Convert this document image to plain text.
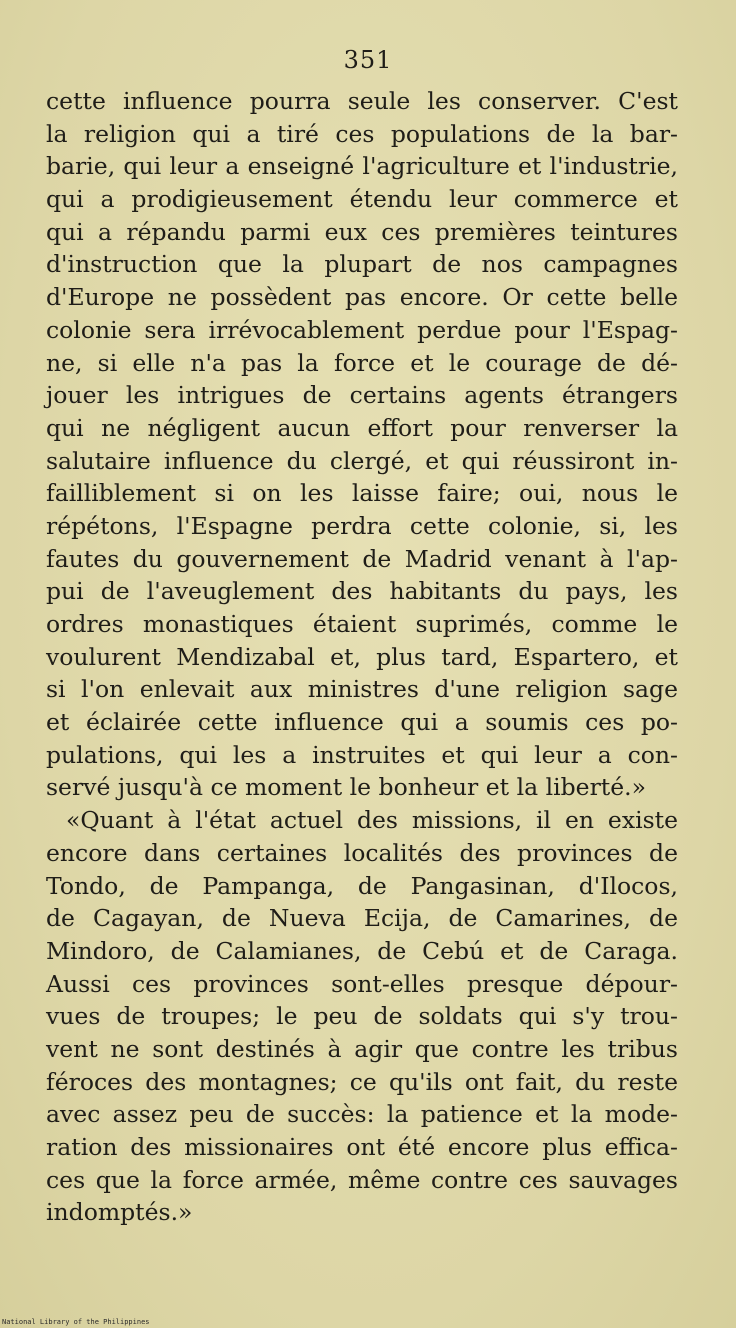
351
cette influence pourra seule les conserver. C'est
la religion qui a tiré ces populations de la bar-
barie, qui leur a enseigné l'agriculture et l'industrie,
qui a prodigieusement étendu leur commerce et
qui a répandu parmi eux ces premières teintures
d'instruction que la plupart de nos campagnes
d'Europe ne possèdent pas encore. Or cette belle
colonie sera irrévocablement perdue pour l'Espag-
ne, si elle n'a pas la force et le courage de dé-
jouer les intrigues de certains agents étrangers
qui ne négligent aucun effort pour renverser la
salutaire influence du clergé, et qui réussiront in-
failliblement si on les laisse faire; oui, nous le
répétons, l'Espagne perdra cette colonie, si, les
fautes du gouvernement de Madrid venant à l'ap-
pui de l'aveuglement des habitants du pays, les
ordres monastiques étaient suprimés, comme le
voulurent Mendizabal et, plus tard, Espartero, et
si l'on enlevait aux ministres d'une religion sage
et éclairée cette influence qui a soumis ces po-
pulations, qui les a instruites et qui leur a con-
servé jusqu'à ce moment le bonheur et la liberté.»
«Quant à l'état actuel des missions, il en existe
encore dans certaines localités des provinces de
Tondo, de Pampanga, de Pangasinan, d'Ilocos,
de Cagayan, de Nueva Ecija, de Camarines, de
Mindoro, de Calamianes, de Cebú et de Caraga.
Aussi ces provinces sont-elles presque dépour-
vues de troupes; le peu de soldats qui s'y trou-
vent ne sont destinés à agir que contre les tribus
féroces des montagnes; ce qu'ils ont fait, du reste
avec assez peu de succès: la patience et la mode-
ration des missionaires ont été encore plus effica-
ces que la force armée, même contre ces sauvages
indomptés.»
National Library of the Philippines
